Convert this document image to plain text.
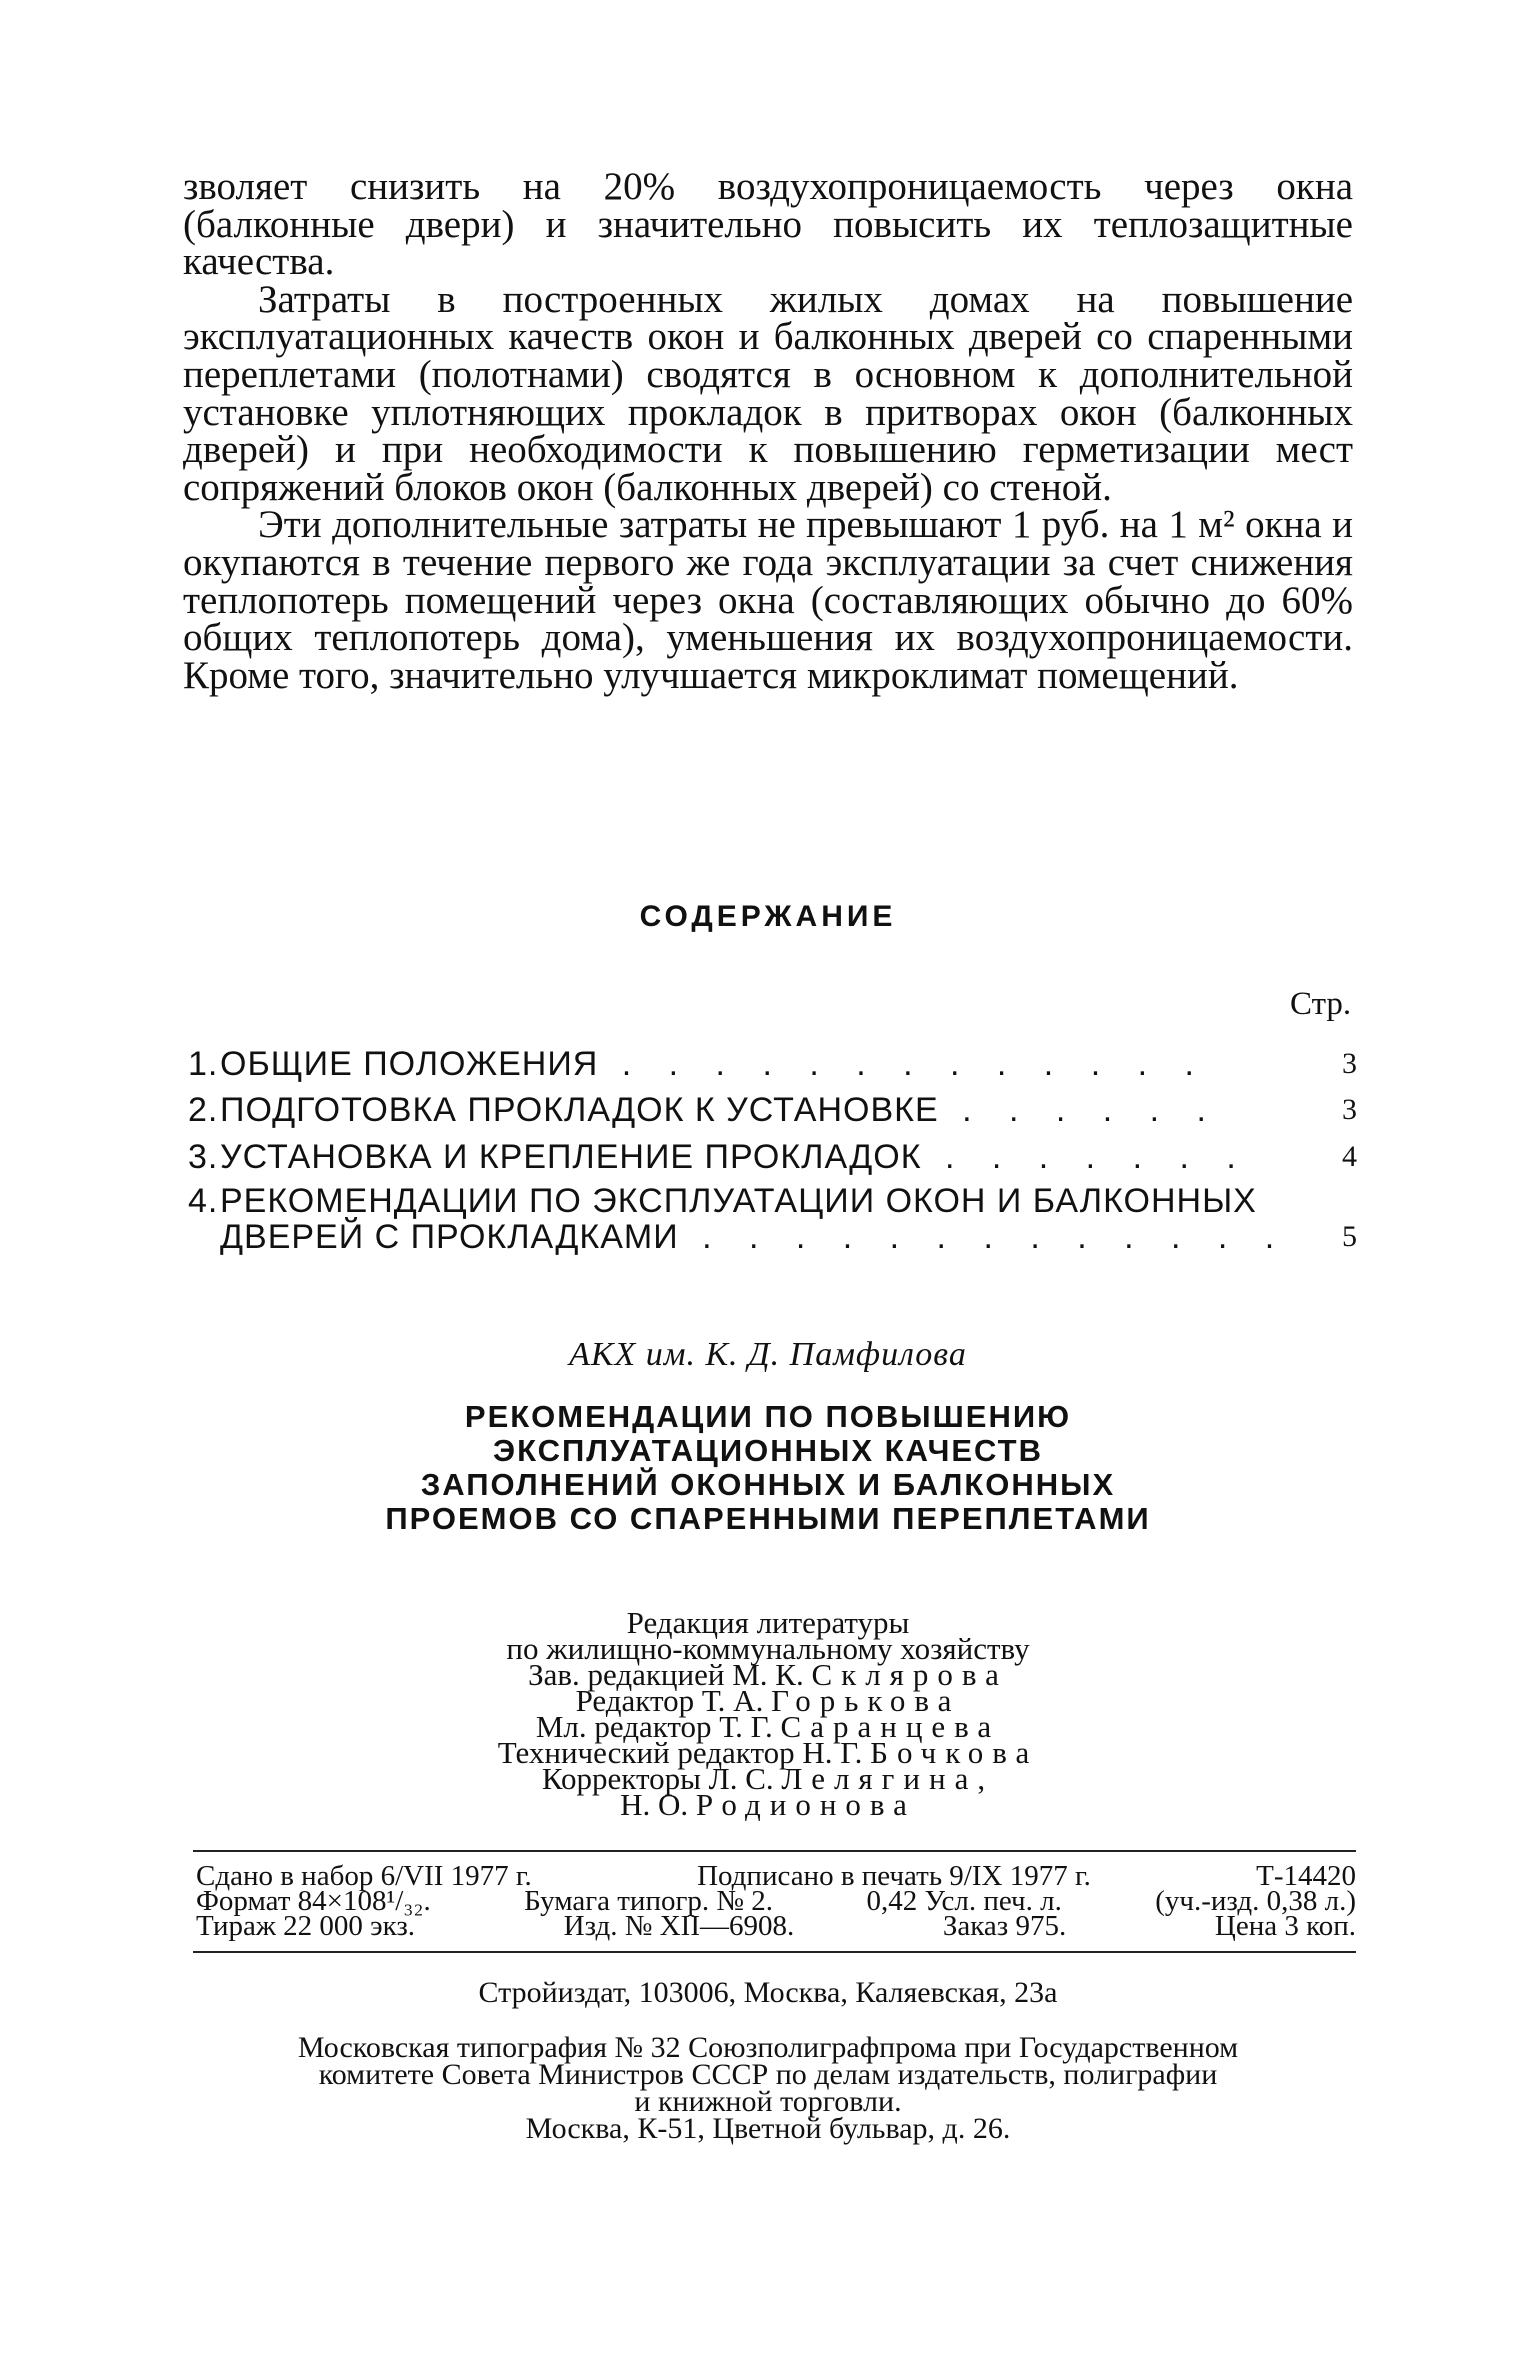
зволяет снизить на 20% воздухопроницаемость через окна (балконные двери) и значительно повысить их теплозащитные качества.

Затраты в построенных жилых домах на повышение эксплуатационных качеств окон и балконных дверей со спаренными переплетами (полотнами) сводятся в основном к дополнительной установке уплотняющих прокладок в притворах окон (балконных дверей) и при необходимости к повышению герметизации мест сопряжений блоков окон (балконных дверей) со стеной.

Эти дополнительные затраты не превышают 1 руб. на 1 м² окна и окупаются в течение первого же года эксплуатации за счет снижения теплопотерь помещений через окна (составляющих обычно до 60% общих теплопотерь дома), уменьшения их воздухопроницаемости. Кроме того, значительно улучшается микроклимат помещений.

СОДЕРЖАНИЕ
Стр.
1.ОБЩИЕ ПОЛОЖЕНИЯ . . . . . . . . . . . . .	3
2.ПОДГОТОВКА ПРОКЛАДОК К УСТАНОВКЕ . . . . . .	3
3.УСТАНОВКА И КРЕПЛЕНИЕ ПРОКЛАДОК . . . . . . .	4
4.РЕКОМЕНДАЦИИ ПО ЭКСПЛУАТАЦИИ ОКОН И БАЛКОННЫХ
ДВЕРЕЙ С ПРОКЛАДКАМИ . . . . . . . . . . . . . 5
АКХ им. К. Д. Памфилова
РЕКОМЕНДАЦИИ ПО ПОВЫШЕНИЮ
ЭКСПЛУАТАЦИОННЫХ КАЧЕСТВ
ЗАПОЛНЕНИЙ ОКОННЫХ И БАЛКОННЫХ
ПРОЕМОВ СО СПАРЕННЫМИ ПЕРЕПЛЕТАМИ
Редакция литературы
по жилищно-коммунальному хозяйству
Зав. редакцией М. К. Склярова
Редактор Т. А. Горькова
Мл. редактор Т. Г. Саранцева
Технический редактор Н. Г. Бочкова
Корректоры Л. С. Лелягина,
Н. О. Родионова
Сдано в набор 6/VII 1977 г.	Подписано в печать 9/IX 1977 г.	Т-14420
Формат 84×108¹/₃₂.	Бумага типогр. № 2.	0,42 Усл. печ. л.	(уч.-изд. 0,38 л.)
Тираж 22 000 экз.	Изд. № XII—6908.	Заказ 975.	Цена 3 коп.
Стройиздат, 103006, Москва, Каляевская, 23а
Московская типография № 32 Союзполиграфпрома при Государственном
комитете Совета Министров СССР по делам издательств, полиграфии
и книжной торговли.
Москва, К-51, Цветной бульвар, д. 26.
